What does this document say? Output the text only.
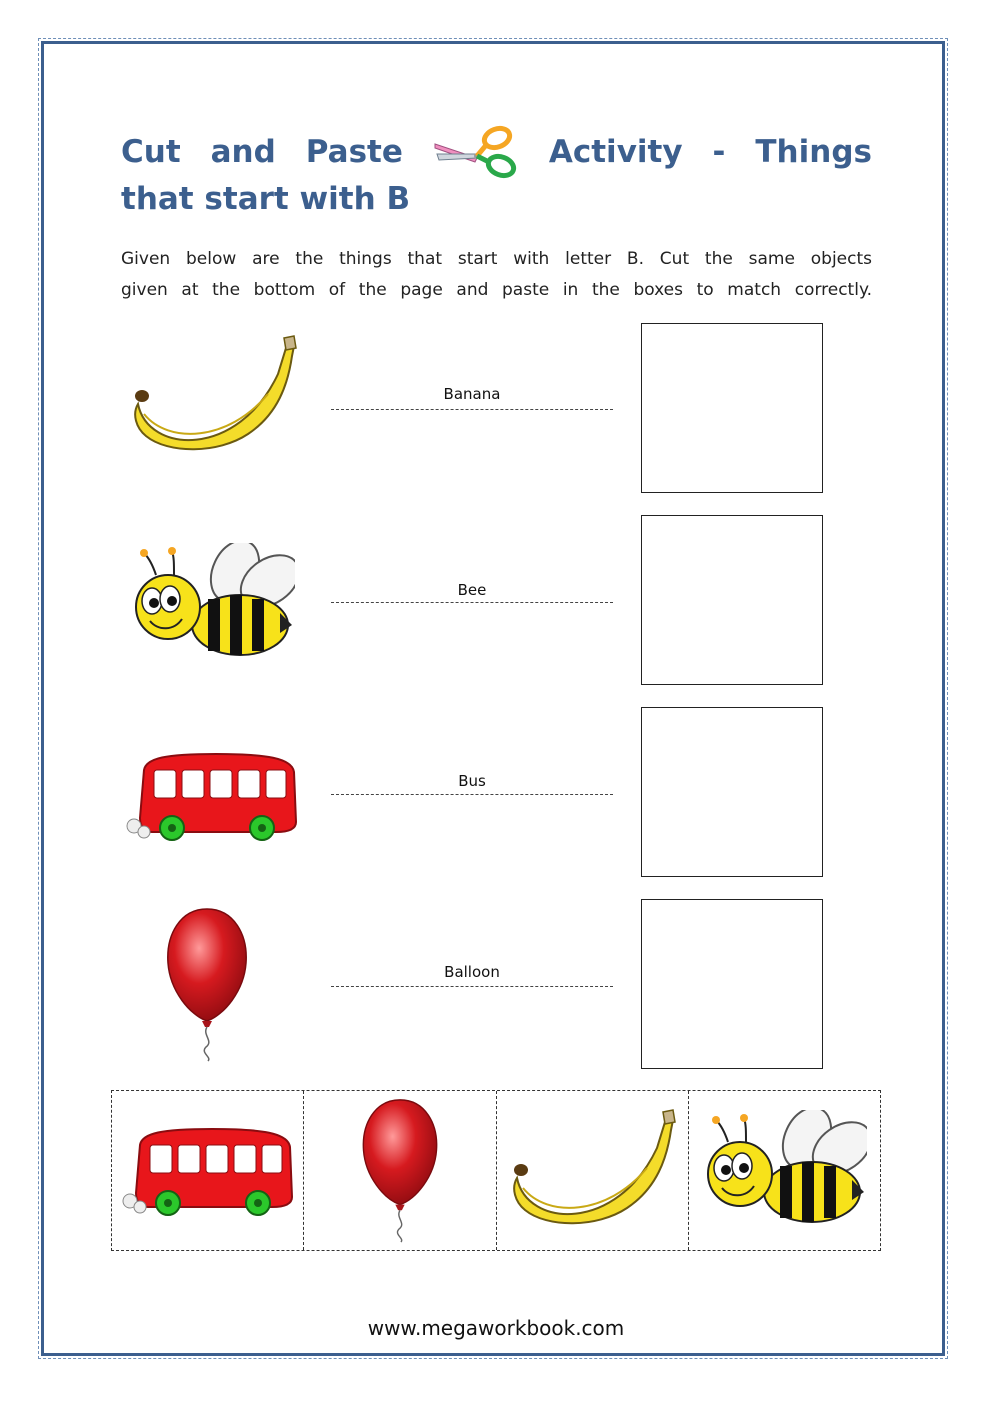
Cut and Paste	Activity - Things
that start with B
Given below are the things that start with letter B. Cut the same objects
given at the bottom of the page and paste in the boxes to match correctly.
Banana
Bee
Bus
Balloon
www.megaworkbook.com
